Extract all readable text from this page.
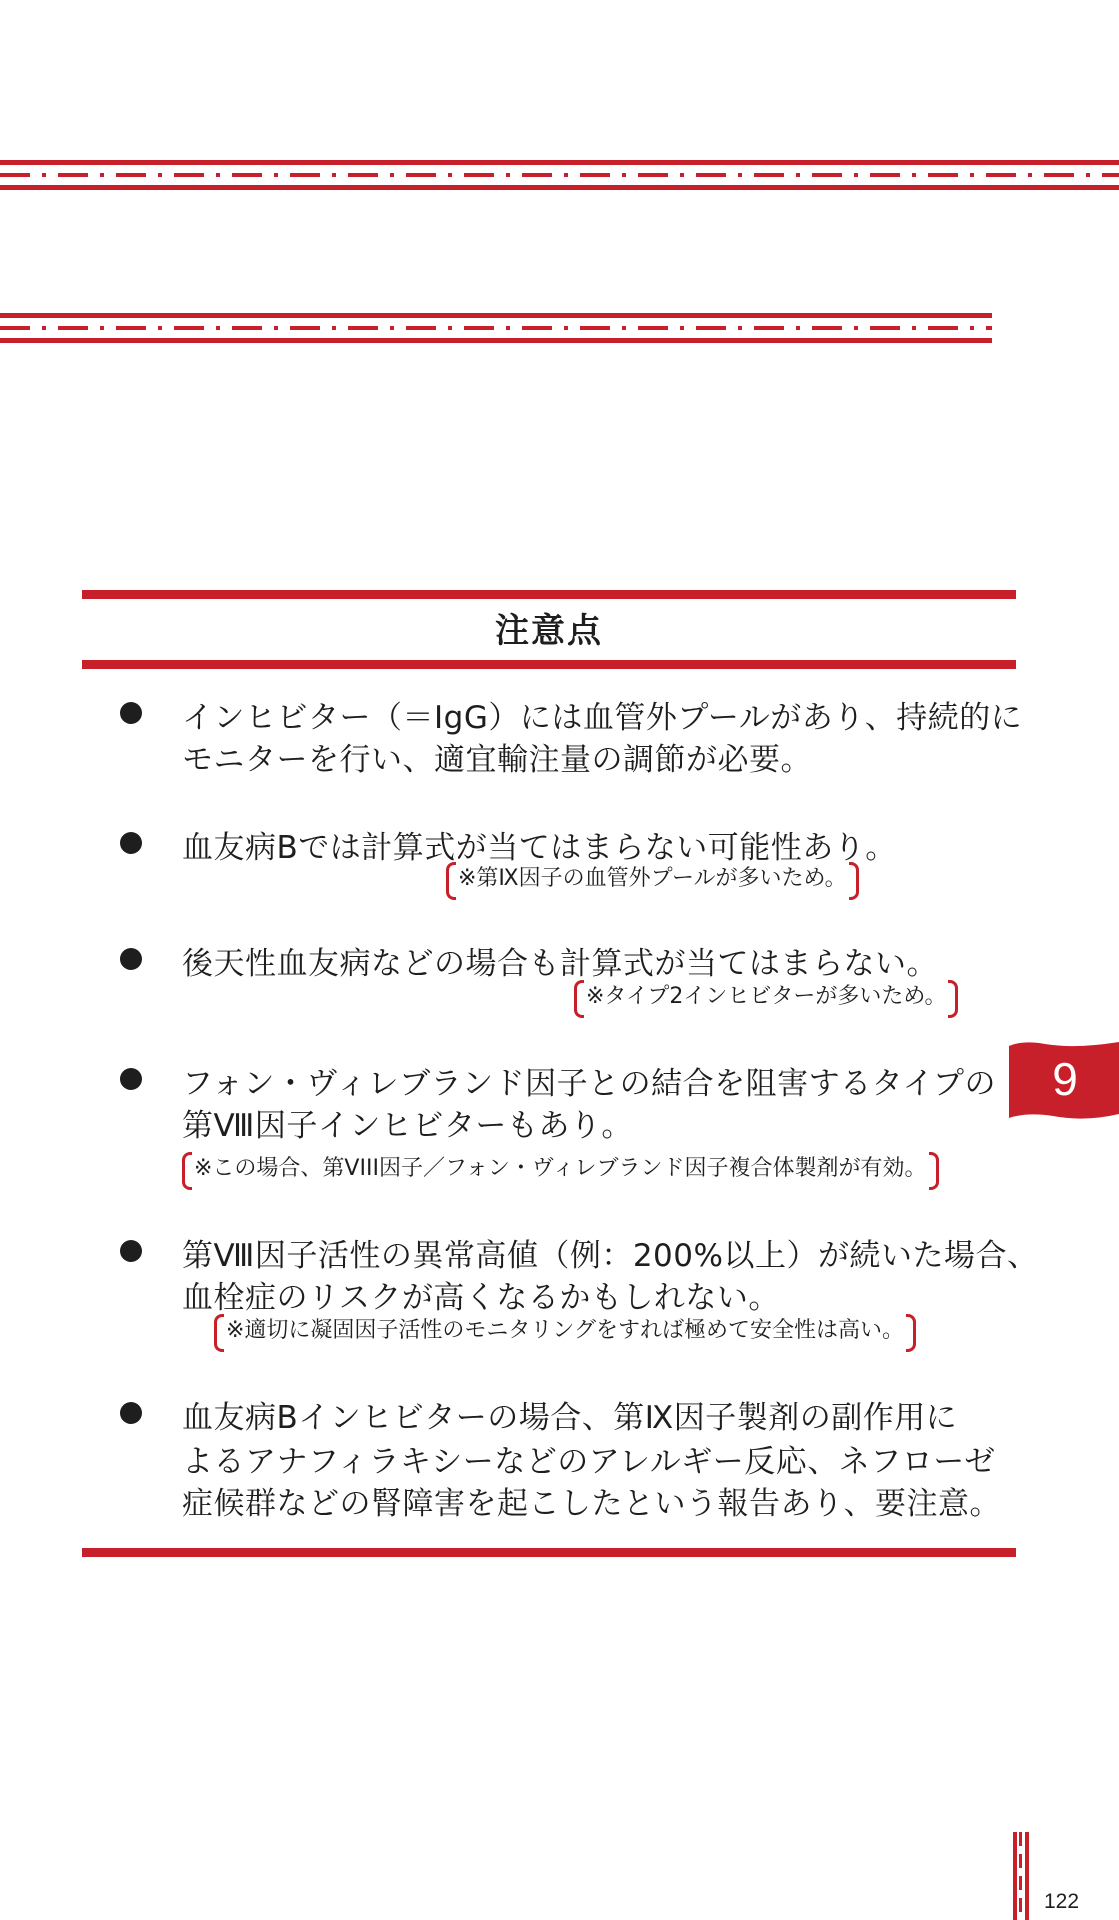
注意点
インヒビター（＝IgG）には血管外プールがあり、持続的に
モニターを行い、適宜輸注量の調節が必要。
血友病Bでは計算式が当てはまらない可能性あり。
※第Ⅸ因子の血管外プールが多いため。
後天性血友病などの場合も計算式が当てはまらない。
※タイプ2インヒビターが多いため。
フォン・ヴィレブランド因子との結合を阻害するタイプの
第Ⅷ因子インヒビターもあり。
※この場合、第VIII因子／フォン・ヴィレブランド因子複合体製剤が有効。
第Ⅷ因子活性の異常高値（例：200%以上）が続いた場合、
血栓症のリスクが高くなるかもしれない。
※適切に凝固因子活性のモニタリングをすれば極めて安全性は高い。
血友病Bインヒビターの場合、第Ⅸ因子製剤の副作用に
よるアナフィラキシーなどのアレルギー反応、ネフローゼ
症候群などの腎障害を起こしたという報告あり、要注意。
9
122
